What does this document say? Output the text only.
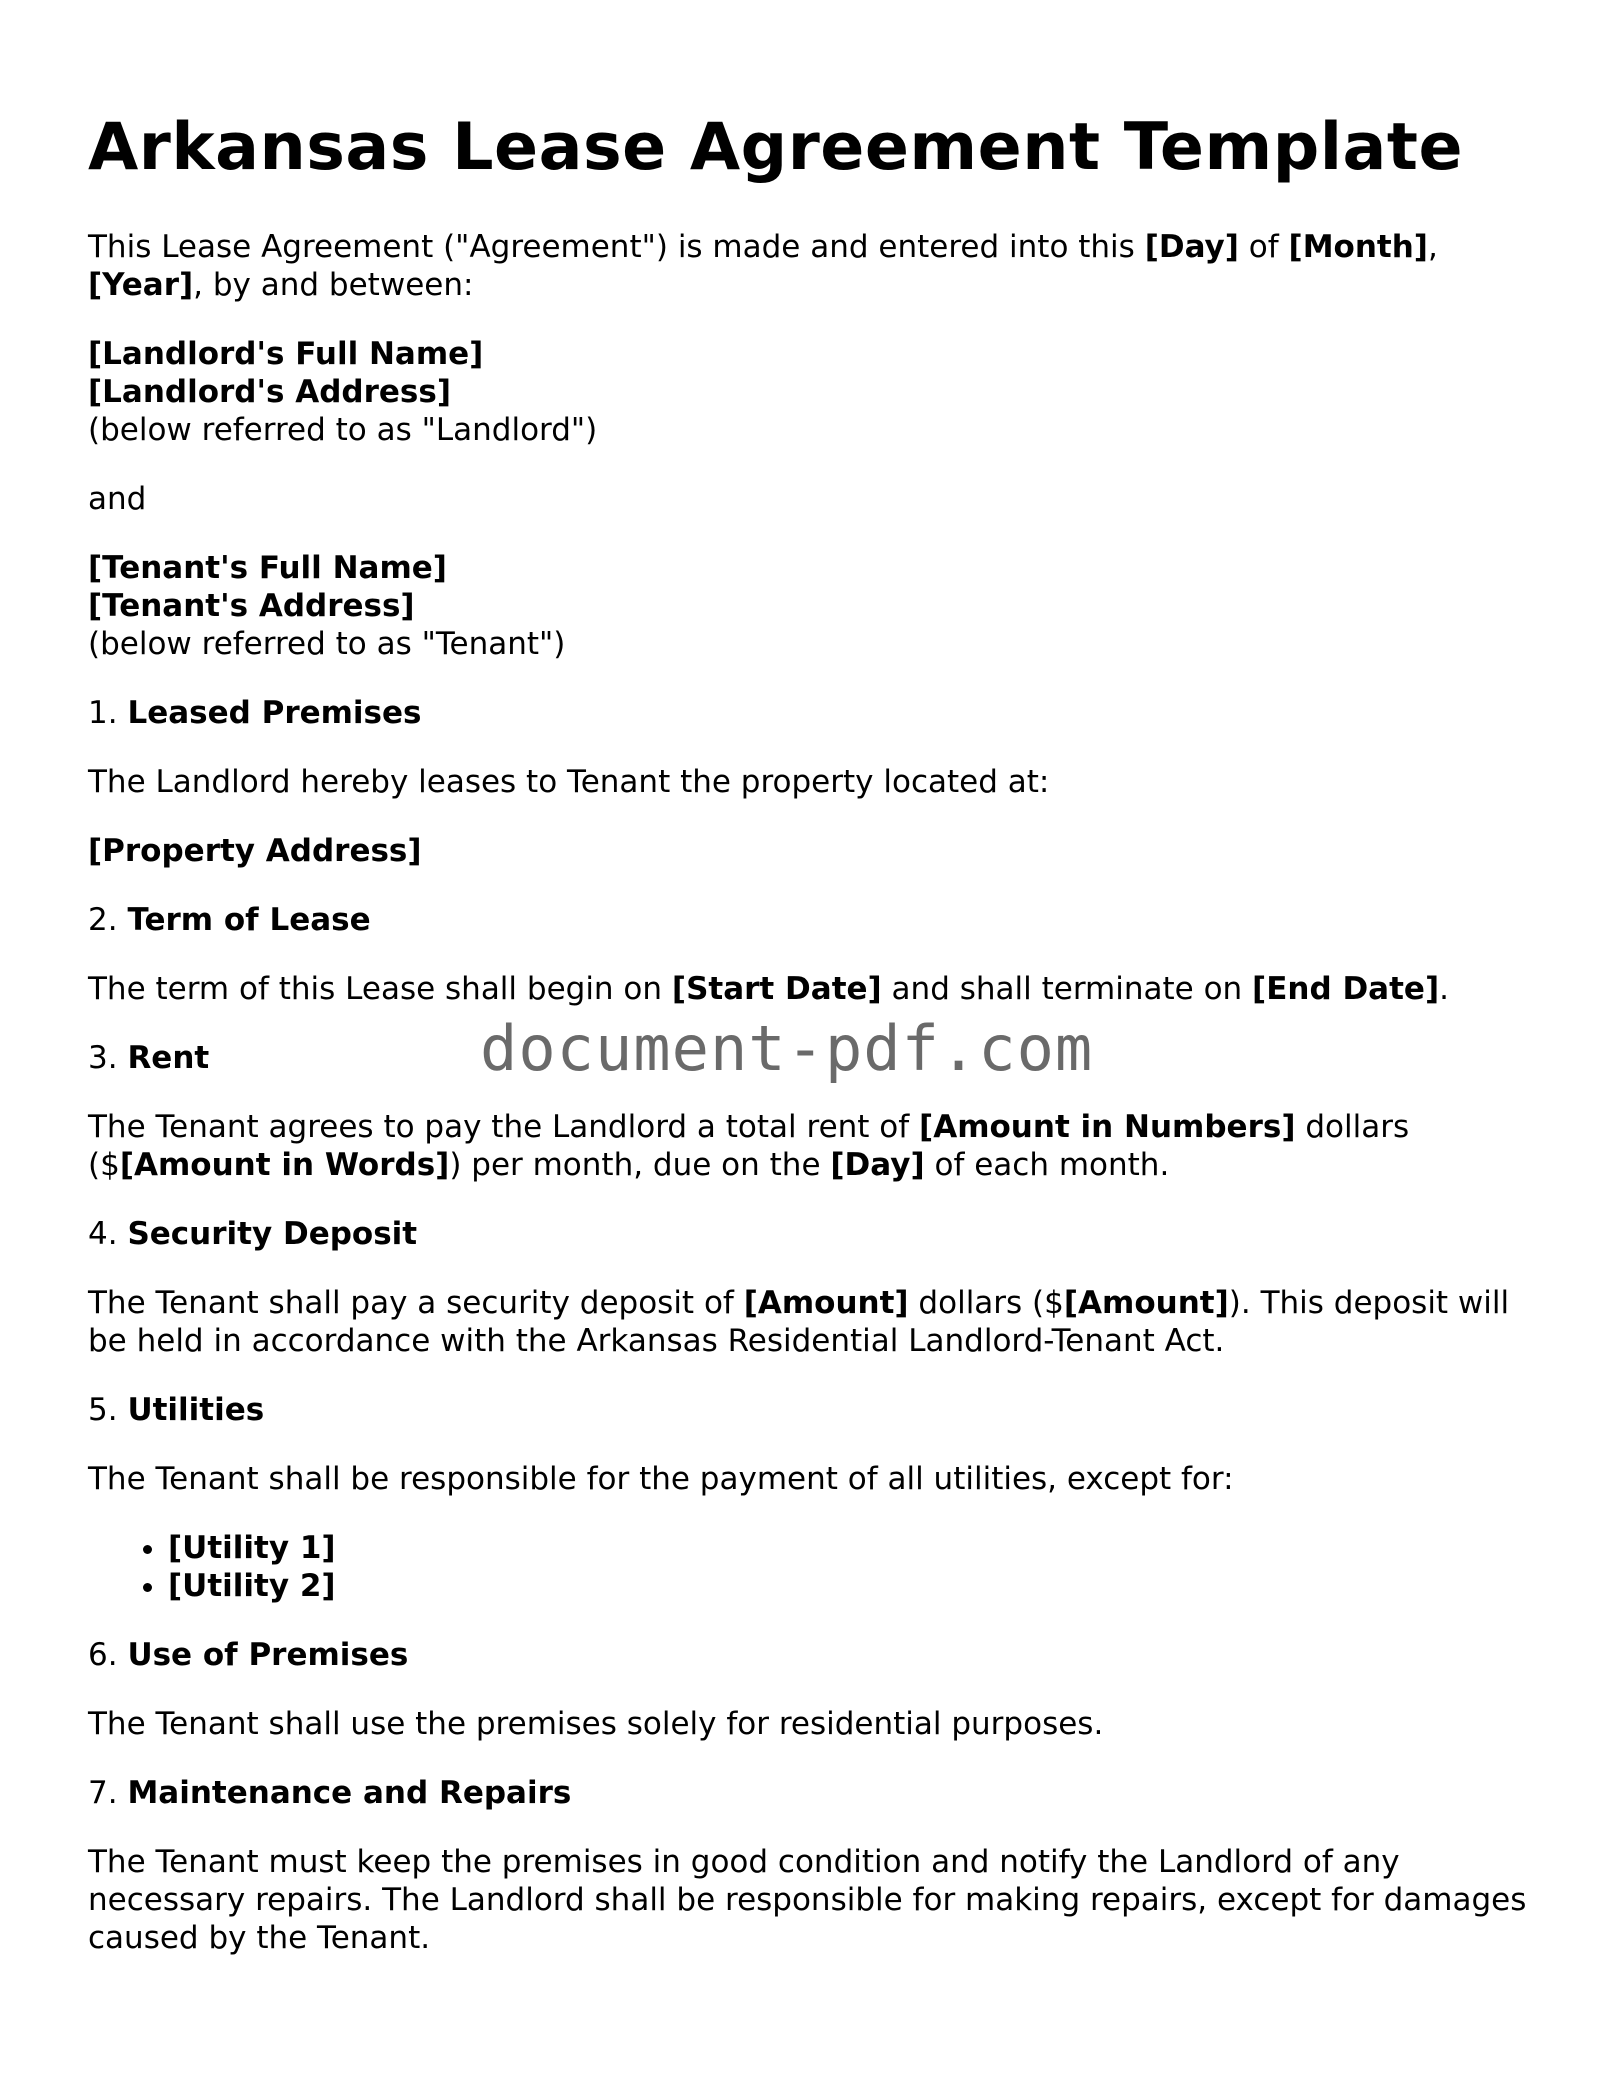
Arkansas Lease Agreement Template

This Lease Agreement ("Agreement") is made and entered into this [Day] of [Month],
[Year], by and between:

[Landlord's Full Name]
[Landlord's Address]
(below referred to as "Landlord")

and

[Tenant's Full Name]
[Tenant's Address]
(below referred to as "Tenant")

1. Leased Premises

The Landlord hereby leases to Tenant the property located at:

[Property Address]

2. Term of Lease

The term of this Lease shall begin on [Start Date] and shall terminate on [End Date].

3. Rent

The Tenant agrees to pay the Landlord a total rent of [Amount in Numbers] dollars ($[Amount in Words]) per month, due on the [Day] of each month.

4. Security Deposit

The Tenant shall pay a security deposit of [Amount] dollars ($[Amount]). This deposit will be held in accordance with the Arkansas Residential Landlord-Tenant Act.

5. Utilities

The Tenant shall be responsible for the payment of all utilities, except for:

• [Utility 1]
• [Utility 2]

6. Use of Premises

The Tenant shall use the premises solely for residential purposes.

7. Maintenance and Repairs

The Tenant must keep the premises in good condition and notify the Landlord of any necessary repairs. The Landlord shall be responsible for making repairs, except for damages caused by the Tenant.

document-pdf.com
